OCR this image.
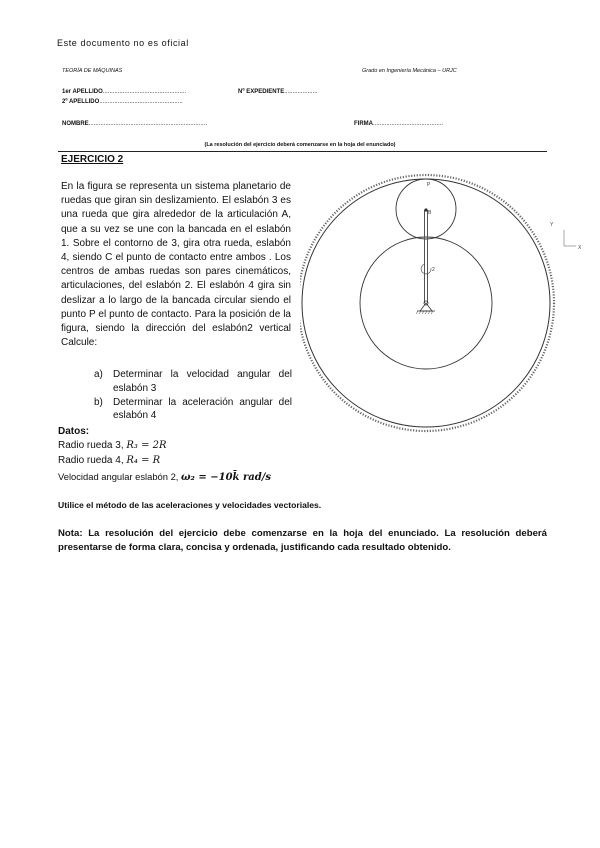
Este documento no es oficial
TEORÍA DE MÁQUINAS	Grado en Ingeniería Mecánica – URJC
1er APELLIDO..................................................	Nº EXPEDIENTE....................
2º APELLIDO..................................................
NOMBRE.......................................................................	FIRMA..........................................
(La resolución del ejercicio deberá comenzarse en la hoja del enunciado)
EJERCICIO 2
En la figura se representa un sistema planetario de ruedas que giran sin deslizamiento. El eslabón 3 es una rueda que gira alrededor de la articulación A, que a su vez se une con la bancada en el eslabón 1. Sobre el contorno de 3, gira otra rueda, eslabón 4, siendo C el punto de contacto entre ambos . Los centros de ambas ruedas son pares cinemáticos, articulaciones, del eslabón 2. El eslabón 4 gira sin deslizar a lo largo de la bancada circular siendo el punto P el punto de contacto. Para la posición de la figura, siendo la dirección del eslabón2 vertical Calcule:
a)	Determinar la velocidad angular del eslabón 3
b)	Determinar la aceleración angular del eslabón 4
Datos:
Radio rueda 3, R₃ = 2R
Radio rueda 4, R₄ = R
Velocidad angular eslabón 2, ω₂ = −10k̄ rad/s
Utilice el método de las aceleraciones y velocidades vectoriales.
Nota: La resolución del ejercicio debe comenzarse en la hoja del enunciado. La resolución deberá presentarse de forma clara, concisa y ordenada, justificando cada resultado obtenido.
P
B
2
Y
X
